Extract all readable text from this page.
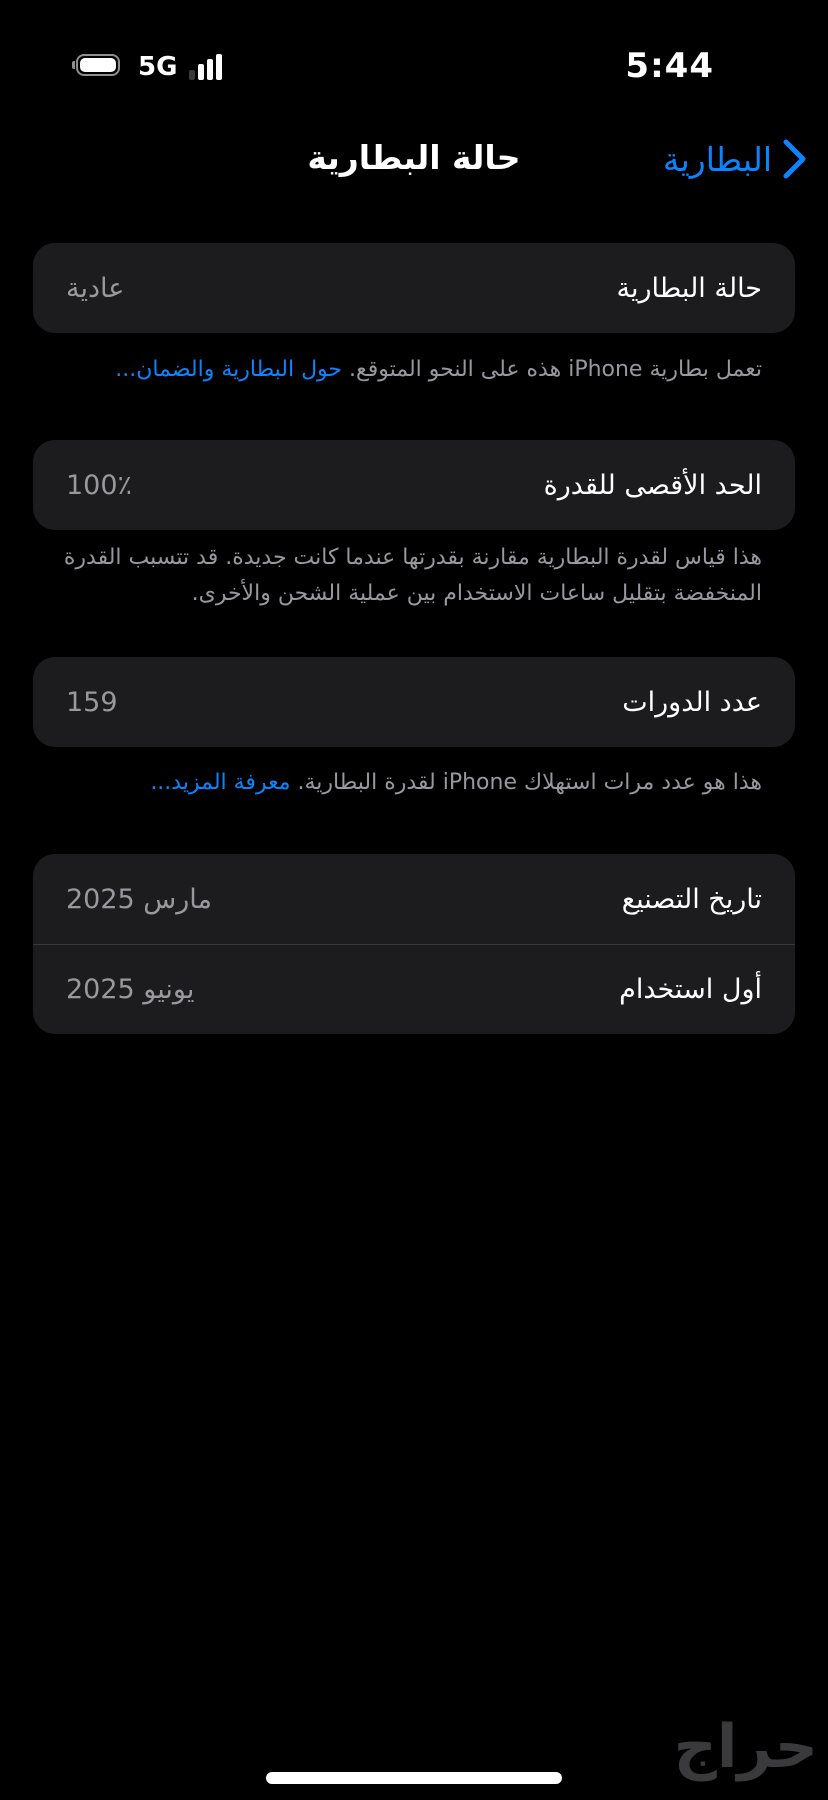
5G	5:44
حالة البطارية	البطارية
حالة البطارية
عادية
تعمل بطارية iPhone هذه على النحو المتوقع. حول البطارية والضمان...
الحد الأقصى للقدرة
100٪
هذا قياس لقدرة البطارية مقارنة بقدرتها عندما كانت جديدة. قد تتسبب القدرة المنخفضة بتقليل ساعات الاستخدام بين عملية الشحن والأخرى.
عدد الدورات
159
هذا هو عدد مرات استهلاك iPhone لقدرة البطارية. معرفة المزيد...
تاريخ التصنيع
مارس 2025
أول استخدام
يونيو 2025
حراج
